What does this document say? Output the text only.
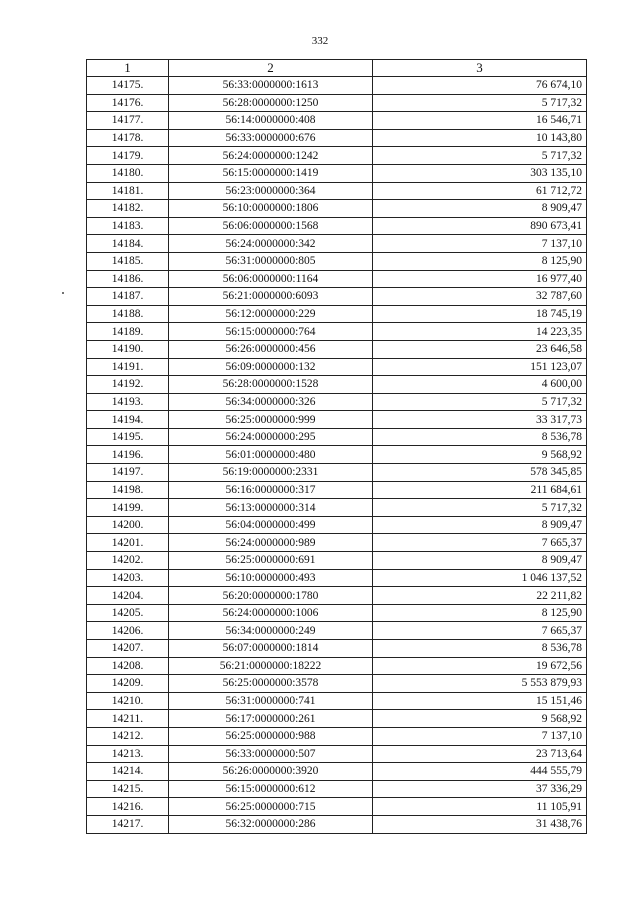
332
1	2	3
14175.	56:33:0000000:1613	76 674,10
14176.	56:28:0000000:1250	5 717,32
14177.	56:14:0000000:408	16 546,71
14178.	56:33:0000000:676	10 143,80
14179.	56:24:0000000:1242	5 717,32
14180.	56:15:0000000:1419	303 135,10
14181.	56:23:0000000:364	61 712,72
14182.	56:10:0000000:1806	8 909,47
14183.	56:06:0000000:1568	890 673,41
14184.	56:24:0000000:342	7 137,10
14185.	56:31:0000000:805	8 125,90
14186.	56:06:0000000:1164	16 977,40
14187.	56:21:0000000:6093	32 787,60
14188.	56:12:0000000:229	18 745,19
14189.	56:15:0000000:764	14 223,35
14190.	56:26:0000000:456	23 646,58
14191.	56:09:0000000:132	151 123,07
14192.	56:28:0000000:1528	4 600,00
14193.	56:34:0000000:326	5 717,32
14194.	56:25:0000000:999	33 317,73
14195.	56:24:0000000:295	8 536,78
14196.	56:01:0000000:480	9 568,92
14197.	56:19:0000000:2331	578 345,85
14198.	56:16:0000000:317	211 684,61
14199.	56:13:0000000:314	5 717,32
14200.	56:04:0000000:499	8 909,47
14201.	56:24:0000000:989	7 665,37
14202.	56:25:0000000:691	8 909,47
14203.	56:10:0000000:493	1 046 137,52
14204.	56:20:0000000:1780	22 211,82
14205.	56:24:0000000:1006	8 125,90
14206.	56:34:0000000:249	7 665,37
14207.	56:07:0000000:1814	8 536,78
14208.	56:21:0000000:18222	19 672,56
14209.	56:25:0000000:3578	5 553 879,93
14210.	56:31:0000000:741	15 151,46
14211.	56:17:0000000:261	9 568,92
14212.	56:25:0000000:988	7 137,10
14213.	56:33:0000000:507	23 713,64
14214.	56:26:0000000:3920	444 555,79
14215.	56:15:0000000:612	37 336,29
14216.	56:25:0000000:715	11 105,91
14217.	56:32:0000000:286	31 438,76
